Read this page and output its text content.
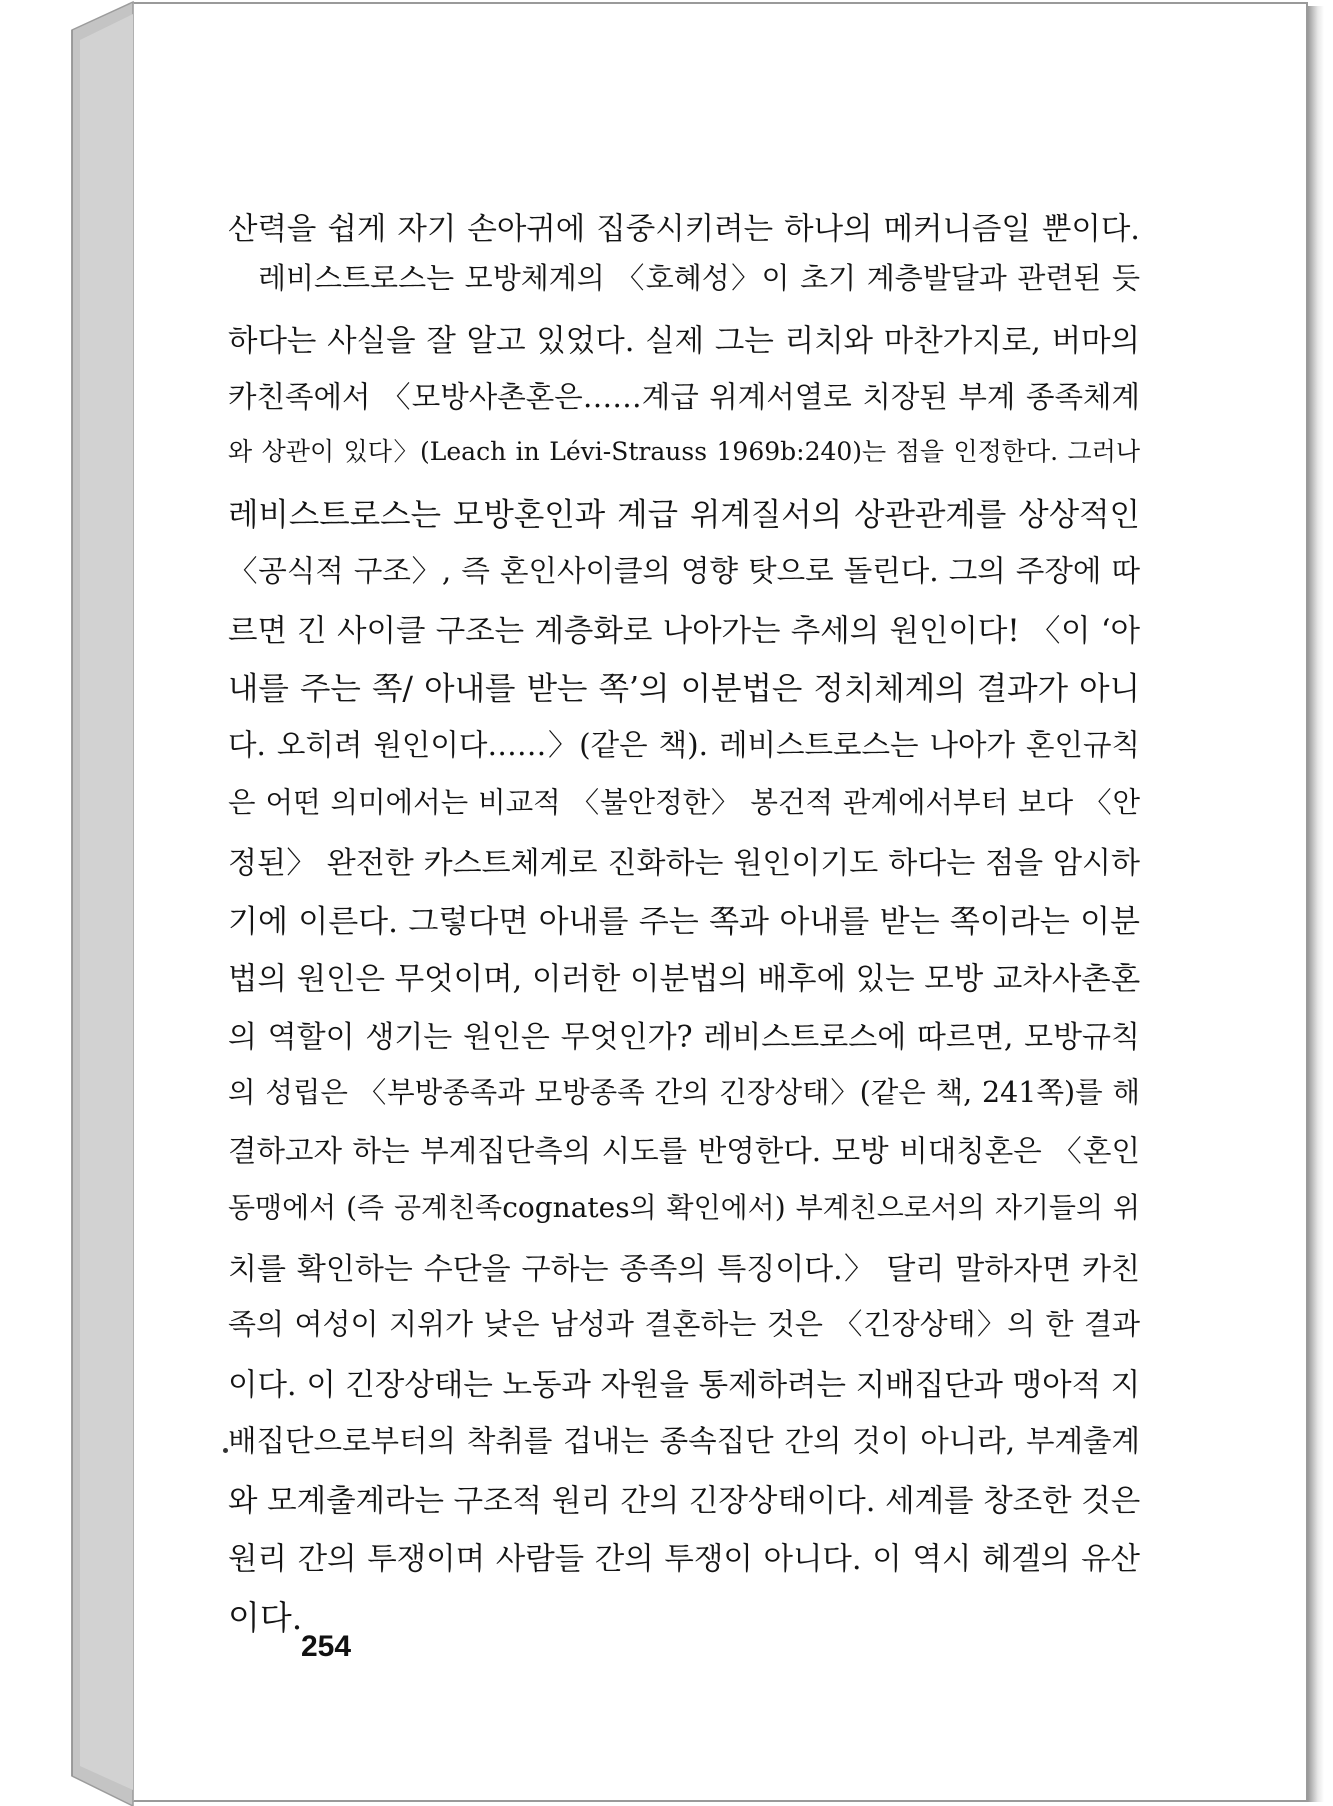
산력을 쉽게 자기 손아귀에 집중시키려는 하나의 메커니즘일 뿐이다.
레비스트로스는 모방체계의 〈호혜성〉이 초기 계층발달과 관련된 듯
하다는 사실을 잘 알고 있었다. 실제 그는 리치와 마찬가지로, 버마의
카친족에서 〈모방사촌혼은……계급 위계서열로 치장된 부계 종족체계
와 상관이 있다〉(Leach in Lévi-Strauss 1969b:240)는 점을 인정한다. 그러나
레비스트로스는 모방혼인과 계급 위계질서의 상관관계를 상상적인
〈공식적 구조〉, 즉 혼인사이클의 영향 탓으로 돌린다. 그의 주장에 따
르면 긴 사이클 구조는 계층화로 나아가는 추세의 원인이다! 〈이 ‘아
내를 주는 쪽/ 아내를 받는 쪽’의 이분법은 정치체계의 결과가 아니
다. 오히려 원인이다……〉(같은 책). 레비스트로스는 나아가 혼인규칙
은 어떤 의미에서는 비교적 〈불안정한〉 봉건적 관계에서부터 보다 〈안
정된〉 완전한 카스트체계로 진화하는 원인이기도 하다는 점을 암시하
기에 이른다. 그렇다면 아내를 주는 쪽과 아내를 받는 쪽이라는 이분
법의 원인은 무엇이며, 이러한 이분법의 배후에 있는 모방 교차사촌혼
의 역할이 생기는 원인은 무엇인가? 레비스트로스에 따르면, 모방규칙
의 성립은 〈부방종족과 모방종족 간의 긴장상태〉(같은 책, 241쪽)를 해
결하고자 하는 부계집단측의 시도를 반영한다. 모방 비대칭혼은 〈혼인
동맹에서 (즉 공계친족cognates의 확인에서) 부계친으로서의 자기들의 위
치를 확인하는 수단을 구하는 종족의 특징이다.〉 달리 말하자면 카친
족의 여성이 지위가 낮은 남성과 결혼하는 것은 〈긴장상태〉의 한 결과
이다. 이 긴장상태는 노동과 자원을 통제하려는 지배집단과 맹아적 지
배집단으로부터의 착취를 겁내는 종속집단 간의 것이 아니라, 부계출계
와 모계출계라는 구조적 원리 간의 긴장상태이다. 세계를 창조한 것은
원리 간의 투쟁이며 사람들 간의 투쟁이 아니다. 이 역시 헤겔의 유산
이다.
254
